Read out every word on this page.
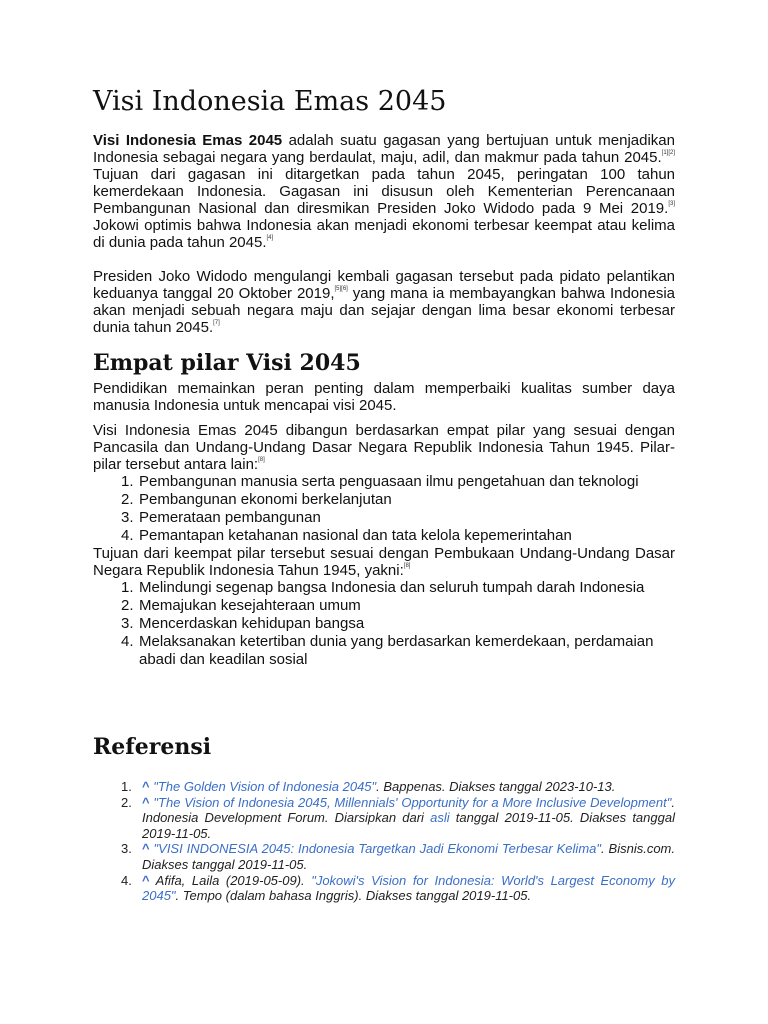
Visi Indonesia Emas 2045

Visi Indonesia Emas 2045 adalah suatu gagasan yang bertujuan untuk menjadikan Indonesia sebagai negara yang berdaulat, maju, adil, dan makmur pada tahun 2045.[1][2] Tujuan dari gagasan ini ditargetkan pada tahun 2045, peringatan 100 tahun kemerdekaan Indonesia. Gagasan ini disusun oleh Kementerian Perencanaan Pembangunan Nasional dan diresmikan Presiden Joko Widodo pada 9 Mei 2019.[3] Jokowi optimis bahwa Indonesia akan menjadi ekonomi terbesar keempat atau kelima di dunia pada tahun 2045.[4]

Presiden Joko Widodo mengulangi kembali gagasan tersebut pada pidato pelantikan keduanya tanggal 20 Oktober 2019,[5][6] yang mana ia membayangkan bahwa Indonesia akan menjadi sebuah negara maju dan sejajar dengan lima besar ekonomi terbesar dunia tahun 2045.[7]

Empat pilar Visi 2045

Pendidikan memainkan peran penting dalam memperbaiki kualitas sumber daya manusia Indonesia untuk mencapai visi 2045.

Visi Indonesia Emas 2045 dibangun berdasarkan empat pilar yang sesuai dengan Pancasila dan Undang-Undang Dasar Negara Republik Indonesia Tahun 1945. Pilar-pilar tersebut antara lain:[8]

Pembangunan manusia serta penguasaan ilmu pengetahuan dan teknologi
Pembangunan ekonomi berkelanjutan
Pemerataan pembangunan
Pemantapan ketahanan nasional dan tata kelola kepemerintahan

Tujuan dari keempat pilar tersebut sesuai dengan Pembukaan Undang-Undang Dasar Negara Republik Indonesia Tahun 1945, yakni:[8]

Melindungi segenap bangsa Indonesia dan seluruh tumpah darah Indonesia
Memajukan kesejahteraan umum
Mencerdaskan kehidupan bangsa
Melaksanakan ketertiban dunia yang berdasarkan kemerdekaan, perdamaian abadi dan keadilan sosial
Referensi
^ "The Golden Vision of Indonesia 2045". Bappenas. Diakses tanggal 2023-10-13.
^ "The Vision of Indonesia 2045, Millennials' Opportunity for a More Inclusive Development". Indonesia Development Forum. Diarsipkan dari asli tanggal 2019-11-05. Diakses tanggal 2019-11-05.
^ "VISI INDONESIA 2045: Indonesia Targetkan Jadi Ekonomi Terbesar Kelima". Bisnis.com. Diakses tanggal 2019-11-05.
^ Afifa, Laila (2019-05-09). "Jokowi's Vision for Indonesia: World's Largest Economy by 2045". Tempo (dalam bahasa Inggris). Diakses tanggal 2019-11-05.
